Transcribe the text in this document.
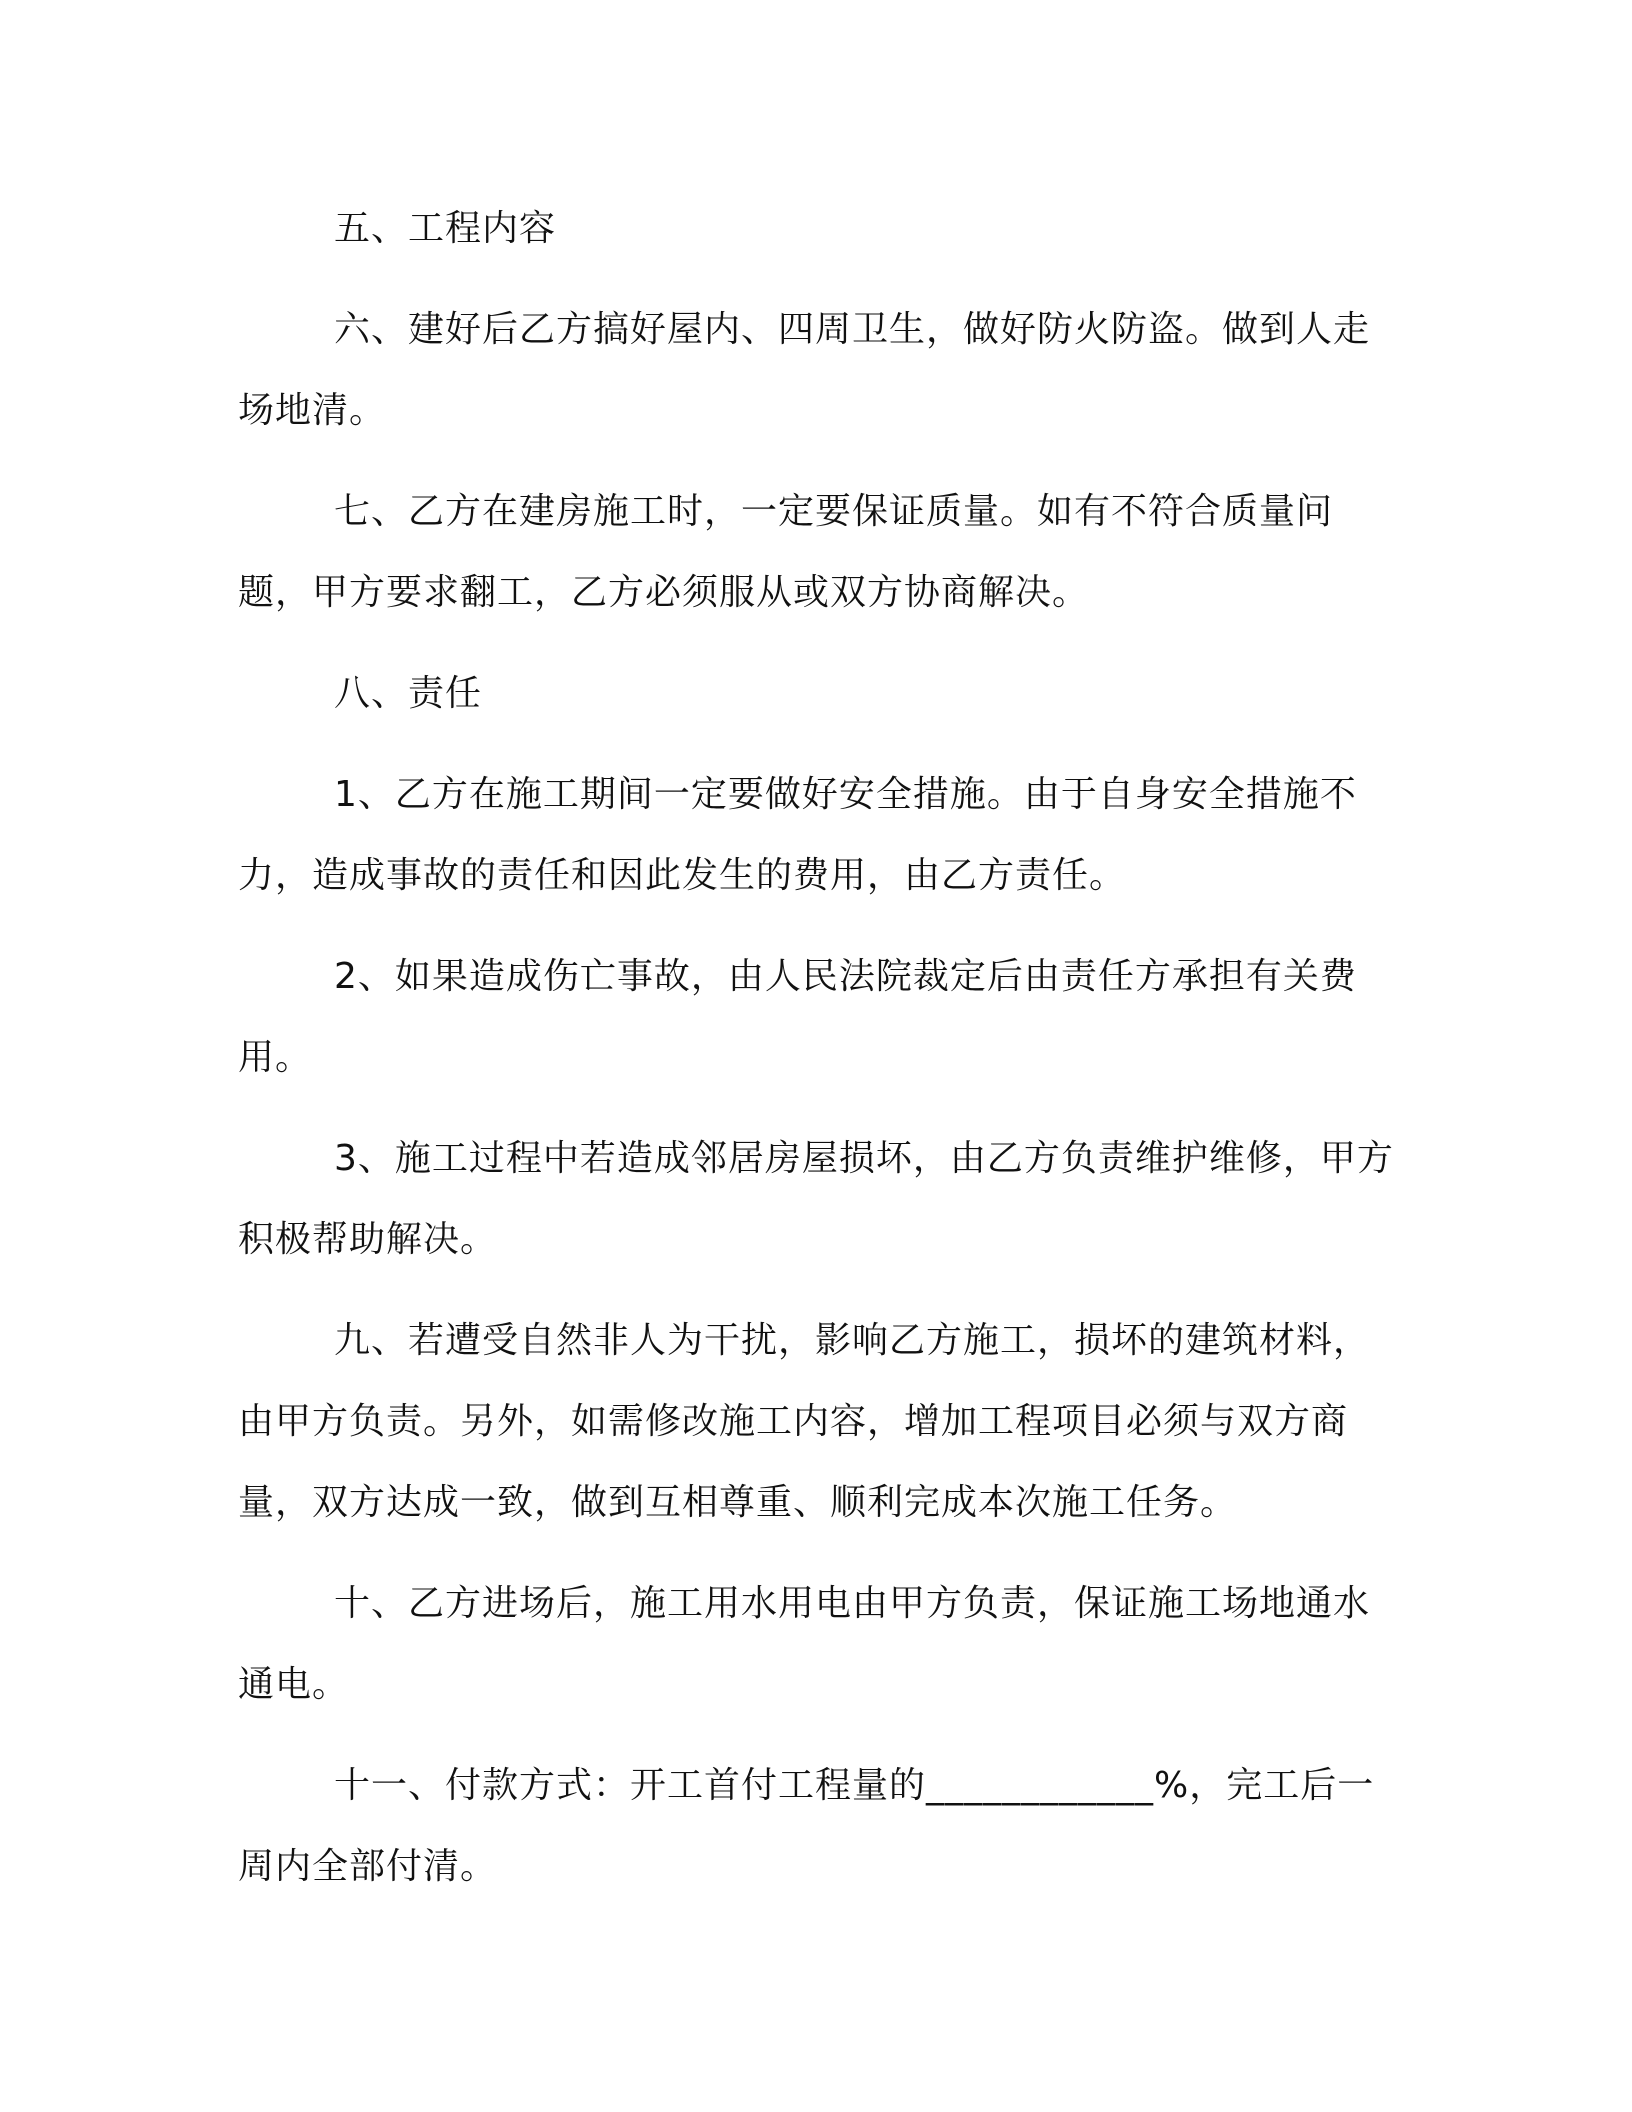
五、工程内容

六、建好后乙方搞好屋内、四周卫生，做好防火防盗。做到人走场地清。

七、乙方在建房施工时，一定要保证质量。如有不符合质量问题，甲方要求翻工，乙方必须服从或双方协商解决。

八、责任

1、乙方在施工期间一定要做好安全措施。由于自身安全措施不力，造成事故的责任和因此发生的费用，由乙方责任。

2、如果造成伤亡事故，由人民法院裁定后由责任方承担有关费用。

3、施工过程中若造成邻居房屋损坏，由乙方负责维护维修，甲方积极帮助解决。

九、若遭受自然非人为干扰，影响乙方施工，损坏的建筑材料，由甲方负责。另外，如需修改施工内容，增加工程项目必须与双方商量，双方达成一致，做到互相尊重、顺利完成本次施工任务。

十、乙方进场后，施工用水用电由甲方负责，保证施工场地通水通电。

十一、付款方式：开工首付工程量的____________%，完工后一周内全部付清。
